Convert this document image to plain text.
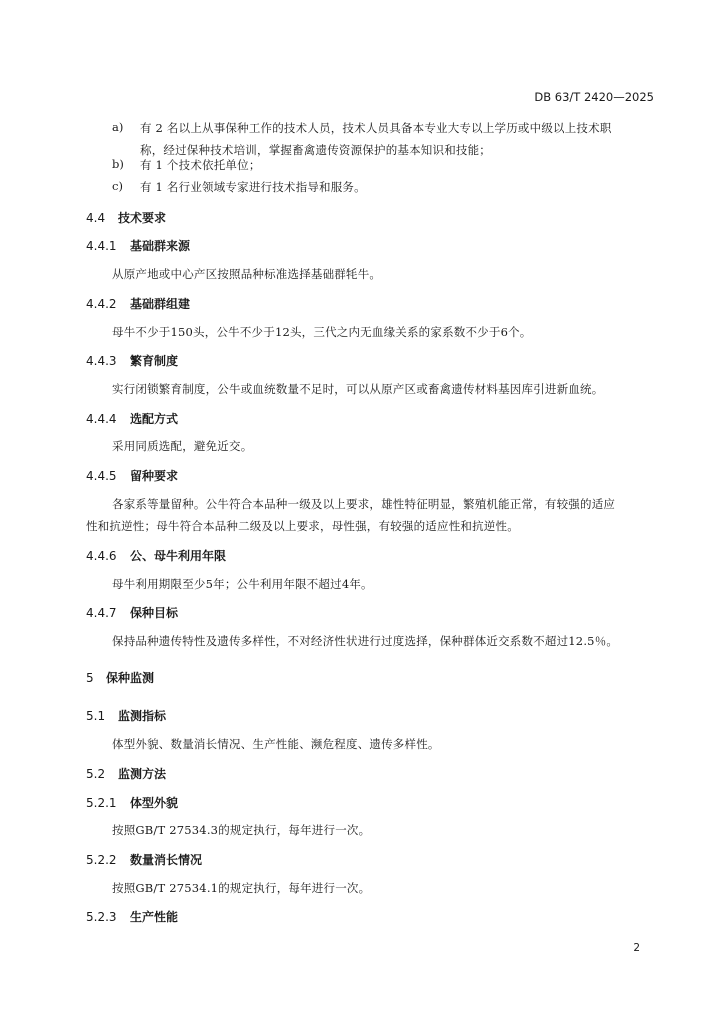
DB 63/T 2420—2025
a) 有 2 名以上从事保种工作的技术人员，技术人员具备本专业大专以上学历或中级以上技术职
称，经过保种技术培训，掌握畜禽遗传资源保护的基本知识和技能；
b) 有 1 个技术依托单位；
c) 有 1 名行业领域专家进行技术指导和服务。
4.4 技术要求
4.4.1 基础群来源
从原产地或中心产区按照品种标准选择基础群牦牛。
4.4.2 基础群组建
母牛不少于150头，公牛不少于12头，三代之内无血缘关系的家系数不少于6个。
4.4.3 繁育制度
实行闭锁繁育制度，公牛或血统数量不足时，可以从原产区或畜禽遗传材料基因库引进新血统。
4.4.4 选配方式
采用同质选配，避免近交。
4.4.5 留种要求
各家系等量留种。公牛符合本品种一级及以上要求，雄性特征明显，繁殖机能正常，有较强的适应
性和抗逆性；母牛符合本品种二级及以上要求，母性强，有较强的适应性和抗逆性。
4.4.6 公、母牛利用年限
母牛利用期限至少5年；公牛利用年限不超过4年。
4.4.7 保种目标
保持品种遗传特性及遗传多样性，不对经济性状进行过度选择，保种群体近交系数不超过12.5％。
5 保种监测
5.1 监测指标
体型外貌、数量消长情况、生产性能、濒危程度、遗传多样性。
5.2 监测方法
5.2.1 体型外貌
按照GB/T 27534.3的规定执行，每年进行一次。
5.2.2 数量消长情况
按照GB/T 27534.1的规定执行，每年进行一次。
5.2.3 生产性能
2
